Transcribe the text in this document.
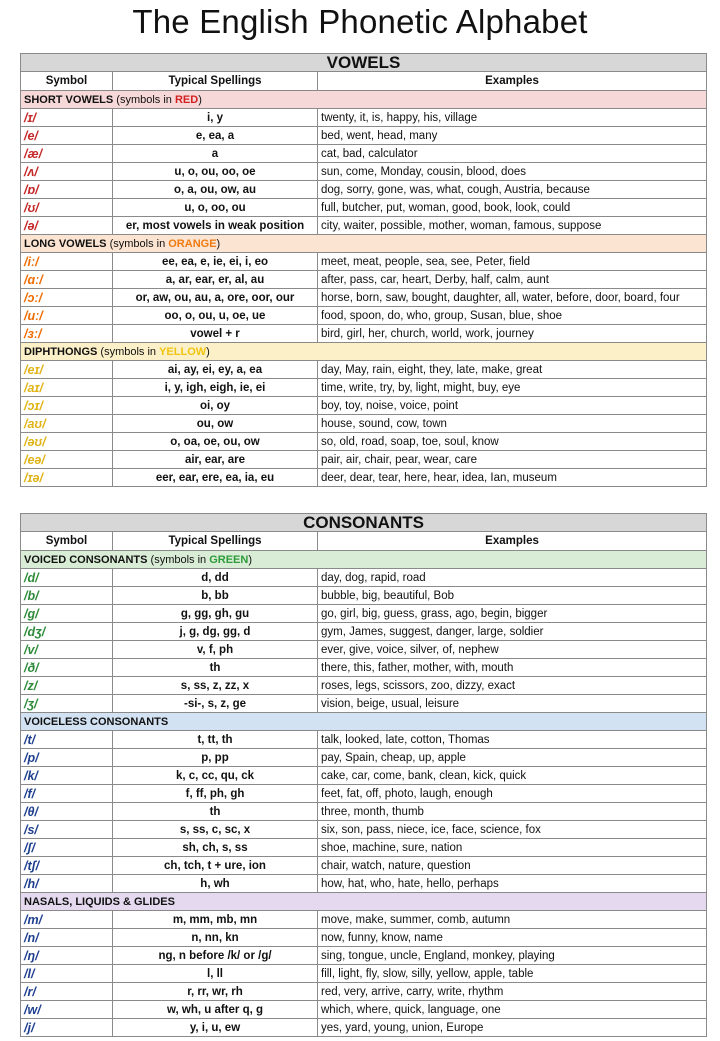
The English Phonetic Alphabet
VOWELS		
Symbol	Typical Spellings	Examples
SHORT VOWELS (symbols in RED)		
/ɪ/	i, y	twenty, it, is, happy, his, village
/e/	e, ea, a	bed, went, head, many
/æ/	a	cat, bad, calculator
/ʌ/	u, o, ou, oo, oe	sun, come, Monday, cousin, blood, does
/ɒ/	o, a, ou, ow, au	dog, sorry, gone, was, what, cough, Austria, because
/ʊ/	u, o, oo, ou	full, butcher, put, woman, good, book, look, could
/ə/	er, most vowels in weak position	city, waiter, possible, mother, woman, famous, suppose
LONG VOWELS (symbols in ORANGE)		
/iː/	ee, ea, e, ie, ei, i, eo	meet, meat, people, sea, see, Peter, field
/ɑː/	a, ar, ear, er, al, au	after, pass, car, heart, Derby, half, calm, aunt
/ɔː/	or, aw, ou, au, a, ore, oor, our	horse, born, saw, bought, daughter, all, water, before, door, board, four
/uː/	oo, o, ou, u, oe, ue	food, spoon, do, who, group, Susan, blue, shoe
/ɜː/	vowel + r	bird, girl, her, church, world, work, journey
DIPHTHONGS (symbols in YELLOW)		
/eɪ/	ai, ay, ei, ey, a, ea	day, May, rain, eight, they, late, make, great
/aɪ/	i, y, igh, eigh, ie, ei	time, write, try, by, light, might, buy, eye
/ɔɪ/	oi, oy	boy, toy, noise, voice, point
/aʊ/	ou, ow	house, sound, cow, town
/əʊ/	o, oa, oe, ou, ow	so, old, road, soap, toe, soul, know
/eə/	air, ear, are	pair, air, chair, pear, wear, care
/ɪə/	eer, ear, ere, ea, ia, eu	deer, dear, tear, here, hear, idea, Ian, museum
CONSONANTS		
Symbol	Typical Spellings	Examples
VOICED CONSONANTS (symbols in GREEN)		
/d/	d, dd	day, dog, rapid, road
/b/	b, bb	bubble, big, beautiful, Bob
/g/	g, gg, gh, gu	go, girl, big, guess, grass, ago, begin, bigger
/dʒ/	j, g, dg, gg, d	gym, James, suggest, danger, large, soldier
/v/	v, f, ph	ever, give, voice, silver, of, nephew
/ð/	th	there, this, father, mother, with, mouth
/z/	s, ss, z, zz, x	roses, legs, scissors, zoo, dizzy, exact
/ʒ/	-si-, s, z, ge	vision, beige, usual, leisure
VOICELESS CONSONANTS		
/t/	t, tt, th	talk, looked, late, cotton, Thomas
/p/	p, pp	pay, Spain, cheap, up, apple
/k/	k, c, cc, qu, ck	cake, car, come, bank, clean, kick, quick
/f/	f, ff, ph, gh	feet, fat, off, photo, laugh, enough
/θ/	th	three, month, thumb
/s/	s, ss, c, sc, x	six, son, pass, niece, ice, face, science, fox
/ʃ/	sh, ch, s, ss	shoe, machine, sure, nation
/tʃ/	ch, tch, t + ure, ion	chair, watch, nature, question
/h/	h, wh	how, hat, who, hate, hello, perhaps
NASALS, LIQUIDS & GLIDES		
/m/	m, mm, mb, mn	move, make, summer, comb, autumn
/n/	n, nn, kn	now, funny, know, name
/ŋ/	ng, n before /k/ or /g/	sing, tongue, uncle, England, monkey, playing
/l/	l, ll	fill, light, fly, slow, silly, yellow, apple, table
/r/	r, rr, wr, rh	red, very, arrive, carry, write, rhythm
/w/	w, wh, u after q, g	which, where, quick, language, one
/j/	y, i, u, ew	yes, yard, young, union, Europe
